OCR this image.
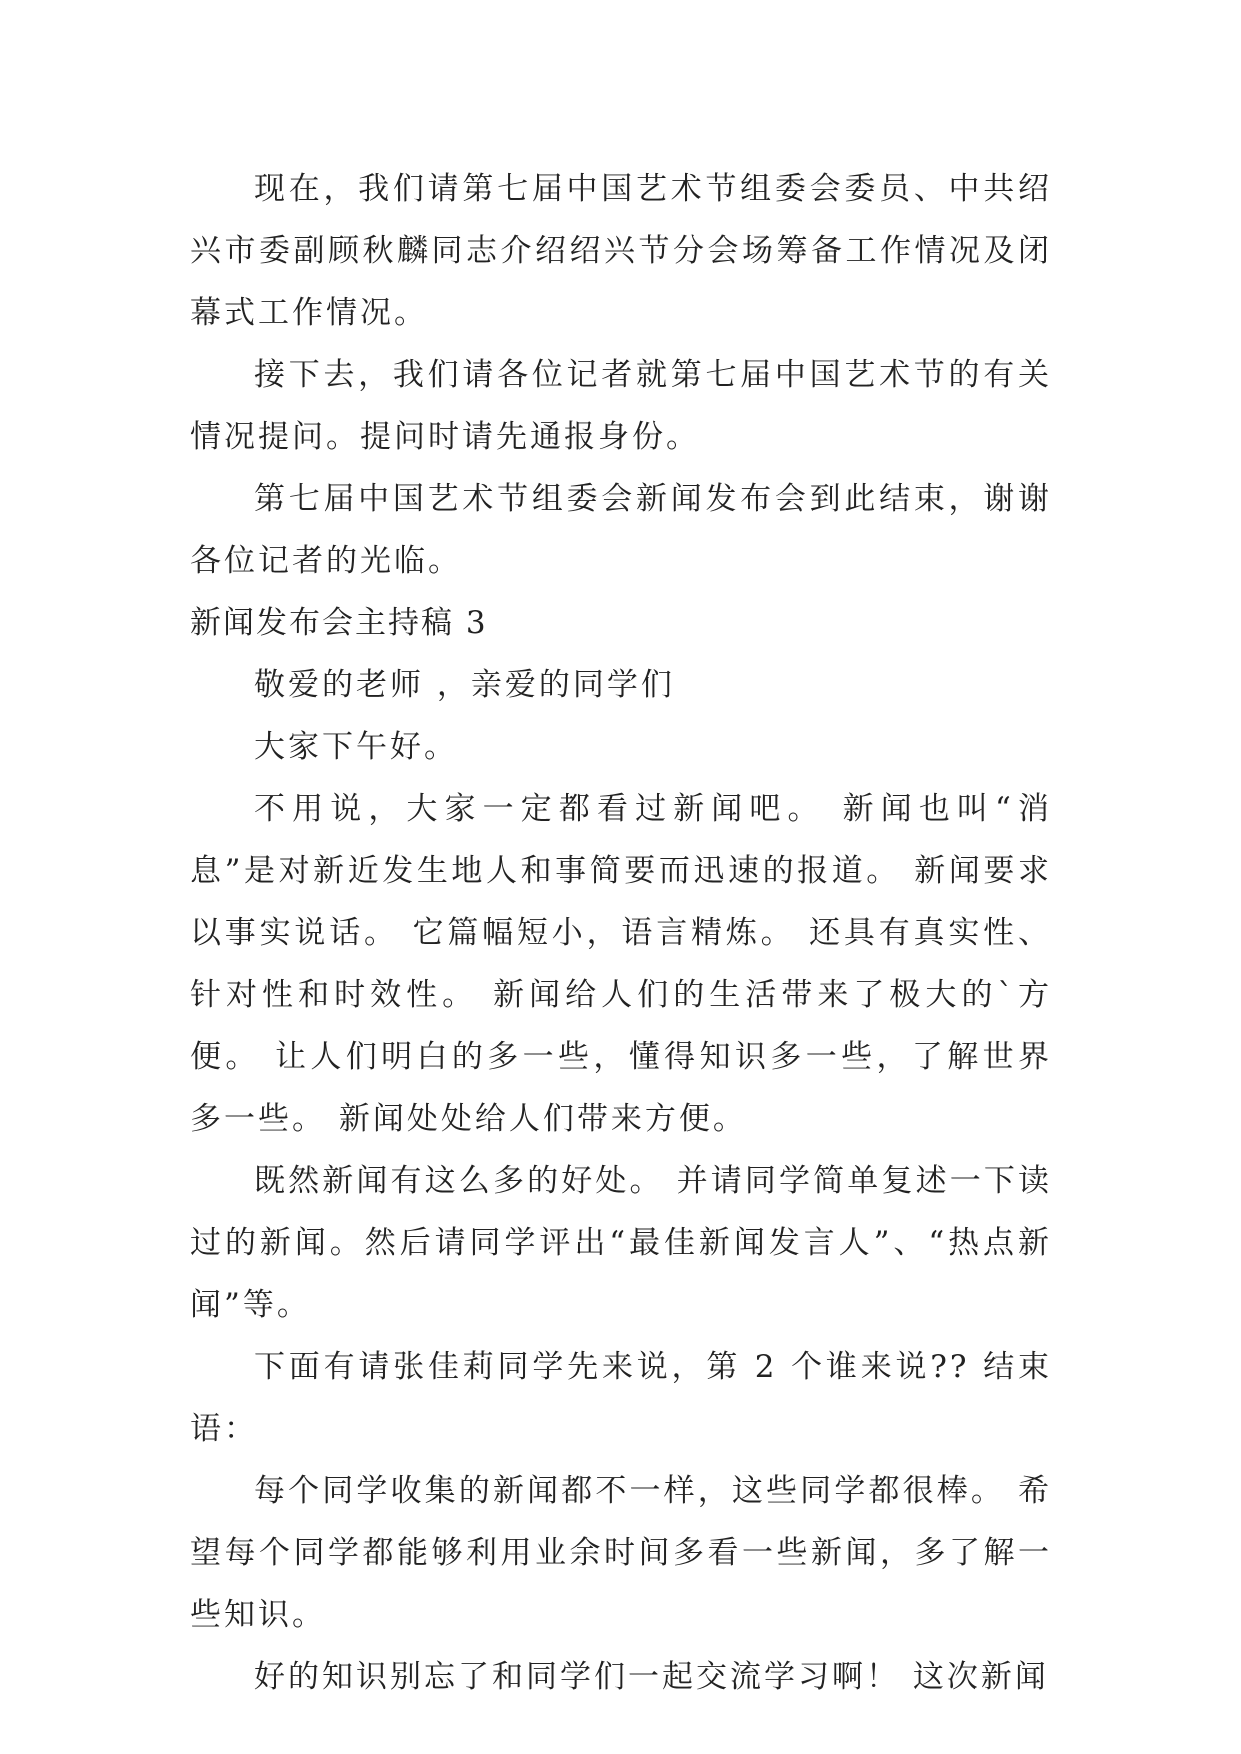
现在，我们请第七届中国艺术节组委会委员、中共绍兴市委副顾秋麟同志介绍绍兴节分会场筹备工作情况及闭幕式工作情况。

接下去，我们请各位记者就第七届中国艺术节的有关情况提问。提问时请先通报身份。

第七届中国艺术节组委会新闻发布会到此结束，谢谢各位记者的光临。

新闻发布会主持稿 3

敬爱的老师 ，亲爱的同学们

大家下午好。

不用说，大家一定都看过新闻吧。 新闻也叫“消息”是对新近发生地人和事简要而迅速的报道。 新闻要求以事实说话。 它篇幅短小，语言精炼。 还具有真实性、针对性和时效性。 新闻给人们的生活带来了极大的`方便。 让人们明白的多一些，懂得知识多一些，了解世界多一些。 新闻处处给人们带来方便。

既然新闻有这么多的好处。 并请同学简单复述一下读过的新闻。然后请同学评出“最佳新闻发言人”、“热点新闻”等。

下面有请张佳莉同学先来说，第 2 个谁来说?? 结束语：

每个同学收集的新闻都不一样，这些同学都很棒。 希望每个同学都能够利用业余时间多看一些新闻，多了解一些知识。

好的知识别忘了和同学们一起交流学习啊！ 这次新闻
